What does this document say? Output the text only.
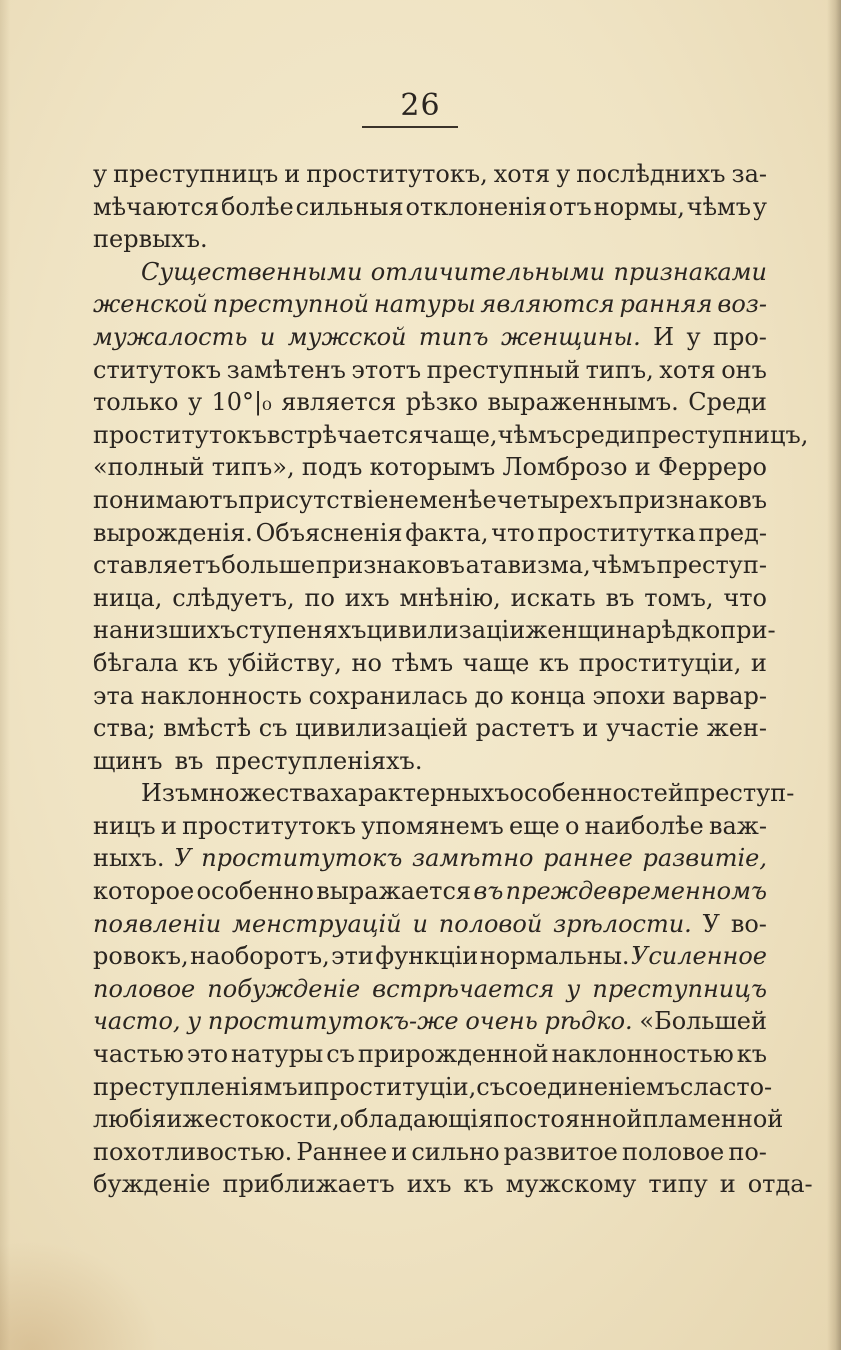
26
у преступницъ и проститутокъ, хотя у послѣднихъ за-
мѣчаются болѣе сильныя отклоненія отъ нормы, чѣмъ у
первыхъ.
Существенными отличительными признаками
женской преступной натуры являются ранняя воз-
мужалость и мужской типъ женщины. И у про-
ститутокъ замѣтенъ этотъ преступный типъ, хотя онъ
только у 10°|₀ является рѣзко выраженнымъ. Среди
проститутокъ встрѣчается чаще, чѣмъ среди преступницъ,
«полный типъ», подъ которымъ Ломброзо и Ферреро
понимаютъ присутствіе не менѣе четырехъ признаковъ
вырожденія. Объясненія факта, что проститутка пред-
ставляетъ больше признаковъ атавизма, чѣмъ преступ-
ница, слѣдуетъ, по ихъ мнѣнію, искать въ томъ, что
на низшихъ ступеняхъ цивилизаціи женщина рѣдко при-
бѣгала къ убійству, но тѣмъ чаще къ проституціи, и
эта наклонность сохранилась до конца эпохи варвар-
ства; вмѣстѣ съ цивилизаціей растетъ и участіе жен-
щинъ въ преступленіяхъ.
Изъ множества характерныхъ особенностей преступ-
ницъ и проститутокъ упомянемъ еще о наиболѣе важ-
ныхъ. У проститутокъ замѣтно раннее развитіе,
которое особенно выражается въ преждевременномъ
появленіи менструацій и половой зрѣлости. У во-
ровокъ, наоборотъ, эти функціи нормальны. Усиленное
половое побужденіе встрѣчается у преступницъ
часто, у проститутокъ-же очень рѣдко. «Большей
частью это натуры съ прирожденной наклонностью къ
преступленіямъ и проституціи, съ соединеніемъ сласто-
любія и жестокости, обладающія постоянной пламенной
похотливостью. Раннее и сильно развитое половое по-
бужденіе приближаетъ ихъ къ мужскому типу и отда-
